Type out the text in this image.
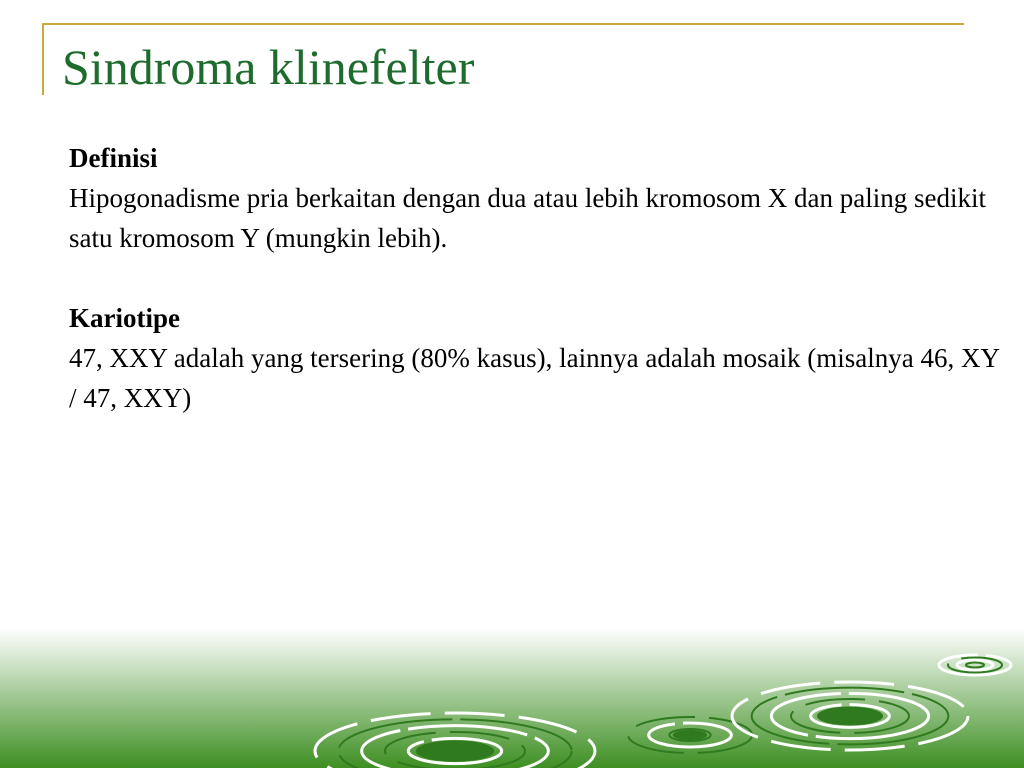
Sindroma klinefelter
Definisi
Hipogonadisme pria berkaitan dengan dua atau lebih kromosom X dan paling sedikit satu kromosom Y (mungkin lebih).
Kariotipe
47, XXY adalah yang tersering (80% kasus), lainnya adalah mosaik (misalnya 46, XY / 47, XXY)
